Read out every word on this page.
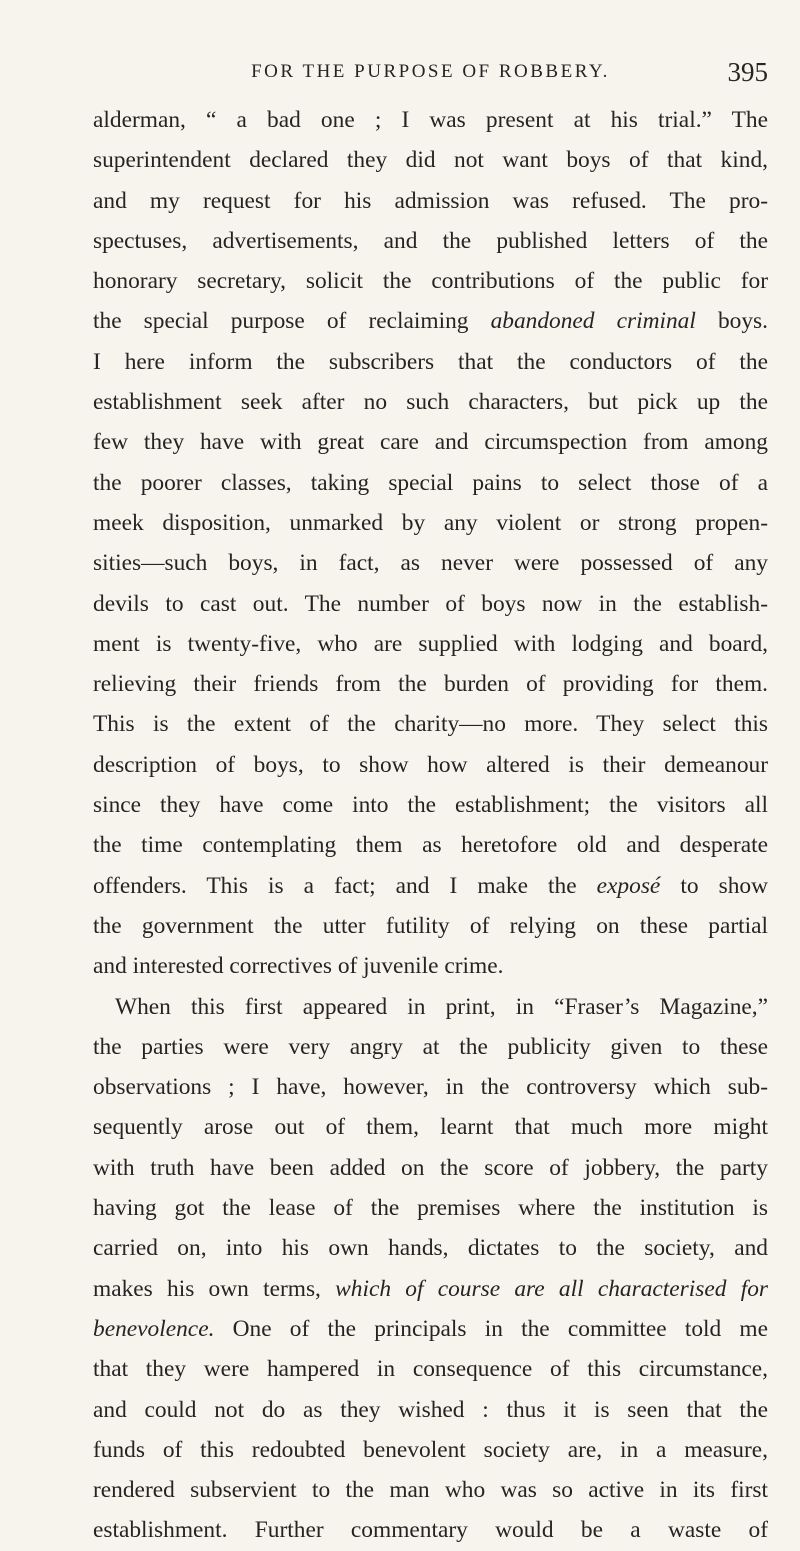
FOR THE PURPOSE OF ROBBERY.	395
alderman, “ a bad one ; I was present at his trial.” The
superintendent declared they did not want boys of that kind,
and my request for his admission was refused. The pro-
spectuses, advertisements, and the published letters of the
honorary secretary, solicit the contributions of the public for
the special purpose of reclaiming abandoned criminal boys.
I here inform the subscribers that the conductors of the
establishment seek after no such characters, but pick up the
few they have with great care and circumspection from among
the poorer classes, taking special pains to select those of a
meek disposition, unmarked by any violent or strong propen-
sities—such boys, in fact, as never were possessed of any
devils to cast out. The number of boys now in the establish-
ment is twenty-five, who are supplied with lodging and board,
relieving their friends from the burden of providing for them.
This is the extent of the charity—no more. They select this
description of boys, to show how altered is their demeanour
since they have come into the establishment; the visitors all
the time contemplating them as heretofore old and desperate
offenders. This is a fact; and I make the exposé to show
the government the utter futility of relying on these partial
and interested correctives of juvenile crime.
When this first appeared in print, in “Fraser’s Magazine,”
the parties were very angry at the publicity given to these
observations ; I have, however, in the controversy which sub-
sequently arose out of them, learnt that much more might
with truth have been added on the score of jobbery, the party
having got the lease of the premises where the institution is
carried on, into his own hands, dictates to the society, and
makes his own terms, which of course are all characterised for
benevolence. One of the principals in the committee told me
that they were hampered in consequence of this circumstance,
and could not do as they wished : thus it is seen that the
funds of this redoubted benevolent society are, in a measure,
rendered subservient to the man who was so active in its first
establishment. Further commentary would be a waste of
